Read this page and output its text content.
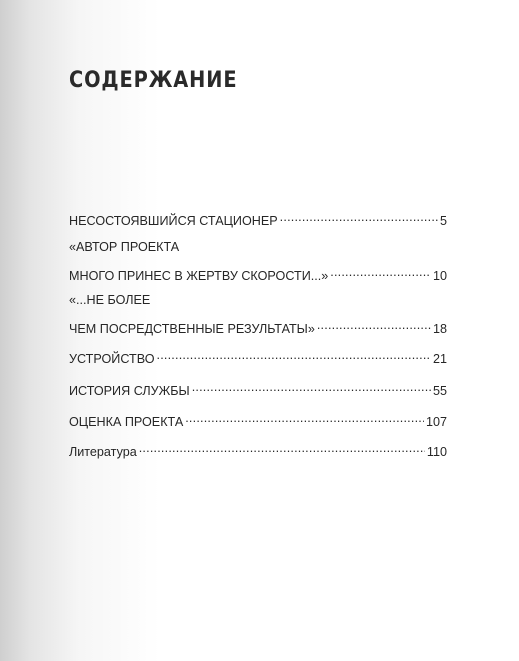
СОДЕРЖАНИЕ
НЕСОСТОЯВШИЙСЯ СТАЦИОНЕР .....	5
«АВТОР ПРОЕКТА
МНОГО ПРИНЕС В ЖЕРТВУ СКОРОСТИ...» .....	10
«...НЕ БОЛЕЕ
ЧЕМ ПОСРЕДСТВЕННЫЕ РЕЗУЛЬТАТЫ» .....	18
УСТРОЙСТВО .....	21
ИСТОРИЯ СЛУЖБЫ .....	55
ОЦЕНКА ПРОЕКТА .....	107
Литература .....	110
